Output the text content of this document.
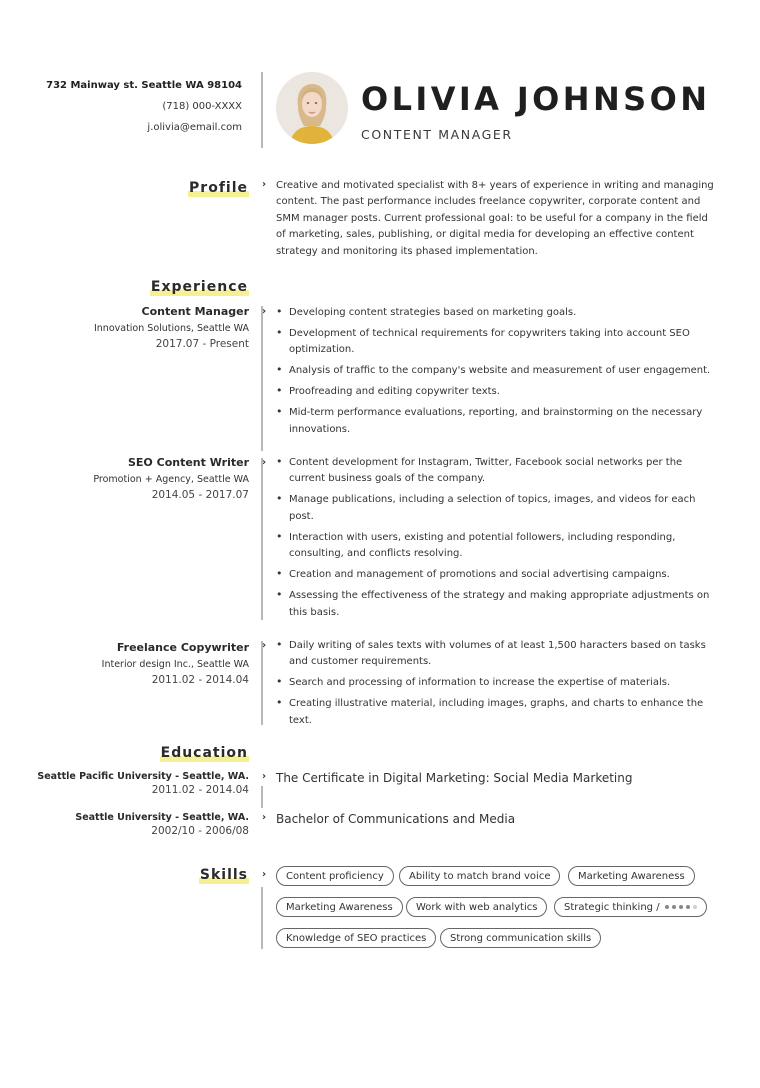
732 Mainway st. Seattle WA 98104
(718) 000-XXXX
j.olivia@email.com
OLIVIA JOHNSON
CONTENT MANAGER
Profile › Creative and motivated specialist with 8+ years of experience in writing and managing content. The past performance includes freelance copywriter, corporate content and SMM manager posts. Current professional goal: to be useful for a company in the field of marketing, sales, publishing, or digital media for developing an effective content strategy and monitoring its phased implementation.
Experience
Content Manager
Innovation Solutions, Seattle WA
2017.07 - Present
›	• Developing content strategies based on marketing goals.
• Development of technical requirements for copywriters taking into account SEO optimization.
• Analysis of traffic to the company's website and measurement of user engagement.
• Proofreading and editing copywriter texts.
• Mid-term performance evaluations, reporting, and brainstorming on the necessary innovations.
SEO Content Writer
Promotion + Agency, Seattle WA
2014.05 - 2017.07
›	• Content development for Instagram, Twitter, Facebook social networks per the current business goals of the company.
• Manage publications, including a selection of topics, images, and videos for each post.
• Interaction with users, existing and potential followers, including responding, consulting, and conflicts resolving.
• Creation and management of promotions and social advertising campaigns.
• Assessing the effectiveness of the strategy and making appropriate adjustments on this basis.
Freelance Copywriter
Interior design Inc., Seattle WA
2011.02 - 2014.04
›	• Daily writing of sales texts with volumes of at least 1,500 haracters based on tasks and customer requirements.
• Search and processing of information to increase the expertise of materials.
• Creating illustrative material, including images, graphs, and charts to enhance the text.
Education
Seattle Pacific University - Seattle, WA.
2011.02 - 2014.04
› The Certificate in Digital Marketing: Social Media Marketing
Seattle University - Seattle, WA.
2002/10 - 2006/08
› Bachelor of Communications and Media
Skills ›	Content proficiency	Ability to match brand voice	Marketing Awareness
Marketing Awareness	Work with web analytics	Strategic thinking /
Knowledge of SEO practices	Strong communication skills
